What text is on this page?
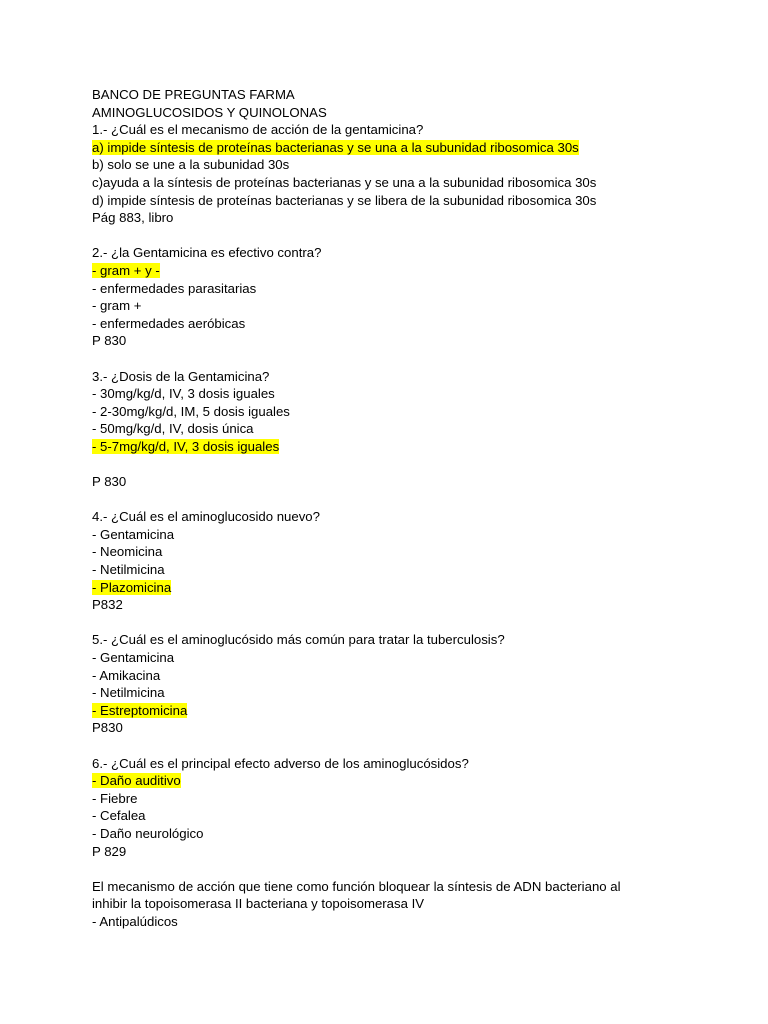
BANCO DE PREGUNTAS FARMA
AMINOGLUCOSIDOS Y QUINOLONAS
1.- ¿Cuál es el mecanismo de acción de la gentamicina?
a) impide síntesis de proteínas bacterianas y se una a la subunidad ribosomica 30s
b) solo se une a la subunidad 30s
c)ayuda a la síntesis de proteínas bacterianas y se una a la subunidad ribosomica 30s
d) impide síntesis de proteínas bacterianas y se libera de la subunidad ribosomica 30s
Pág 883, libro
2.- ¿la Gentamicina es efectivo contra?
- gram + y -
- enfermedades parasitarias
- gram +
- enfermedades aeróbicas
P 830
3.- ¿Dosis de la Gentamicina?
- 30mg/kg/d, IV, 3 dosis iguales
- 2-30mg/kg/d, IM, 5 dosis iguales
- 50mg/kg/d, IV, dosis única
- 5-7mg/kg/d, IV, 3 dosis iguales
P 830
4.- ¿Cuál es el aminoglucosido nuevo?
- Gentamicina
- Neomicina
- Netilmicina
- Plazomicina
P832
5.- ¿Cuál es el aminoglucósido más común para tratar la tuberculosis?
- Gentamicina
- Amikacina
- Netilmicina
- Estreptomicina
P830
6.- ¿Cuál es el principal efecto adverso de los aminoglucósidos?
- Daño auditivo
- Fiebre
- Cefalea
- Daño neurológico
P 829
El mecanismo de acción que tiene como función bloquear la síntesis de ADN bacteriano al
inhibir la topoisomerasa II bacteriana y topoisomerasa IV
- Antipalúdicos
